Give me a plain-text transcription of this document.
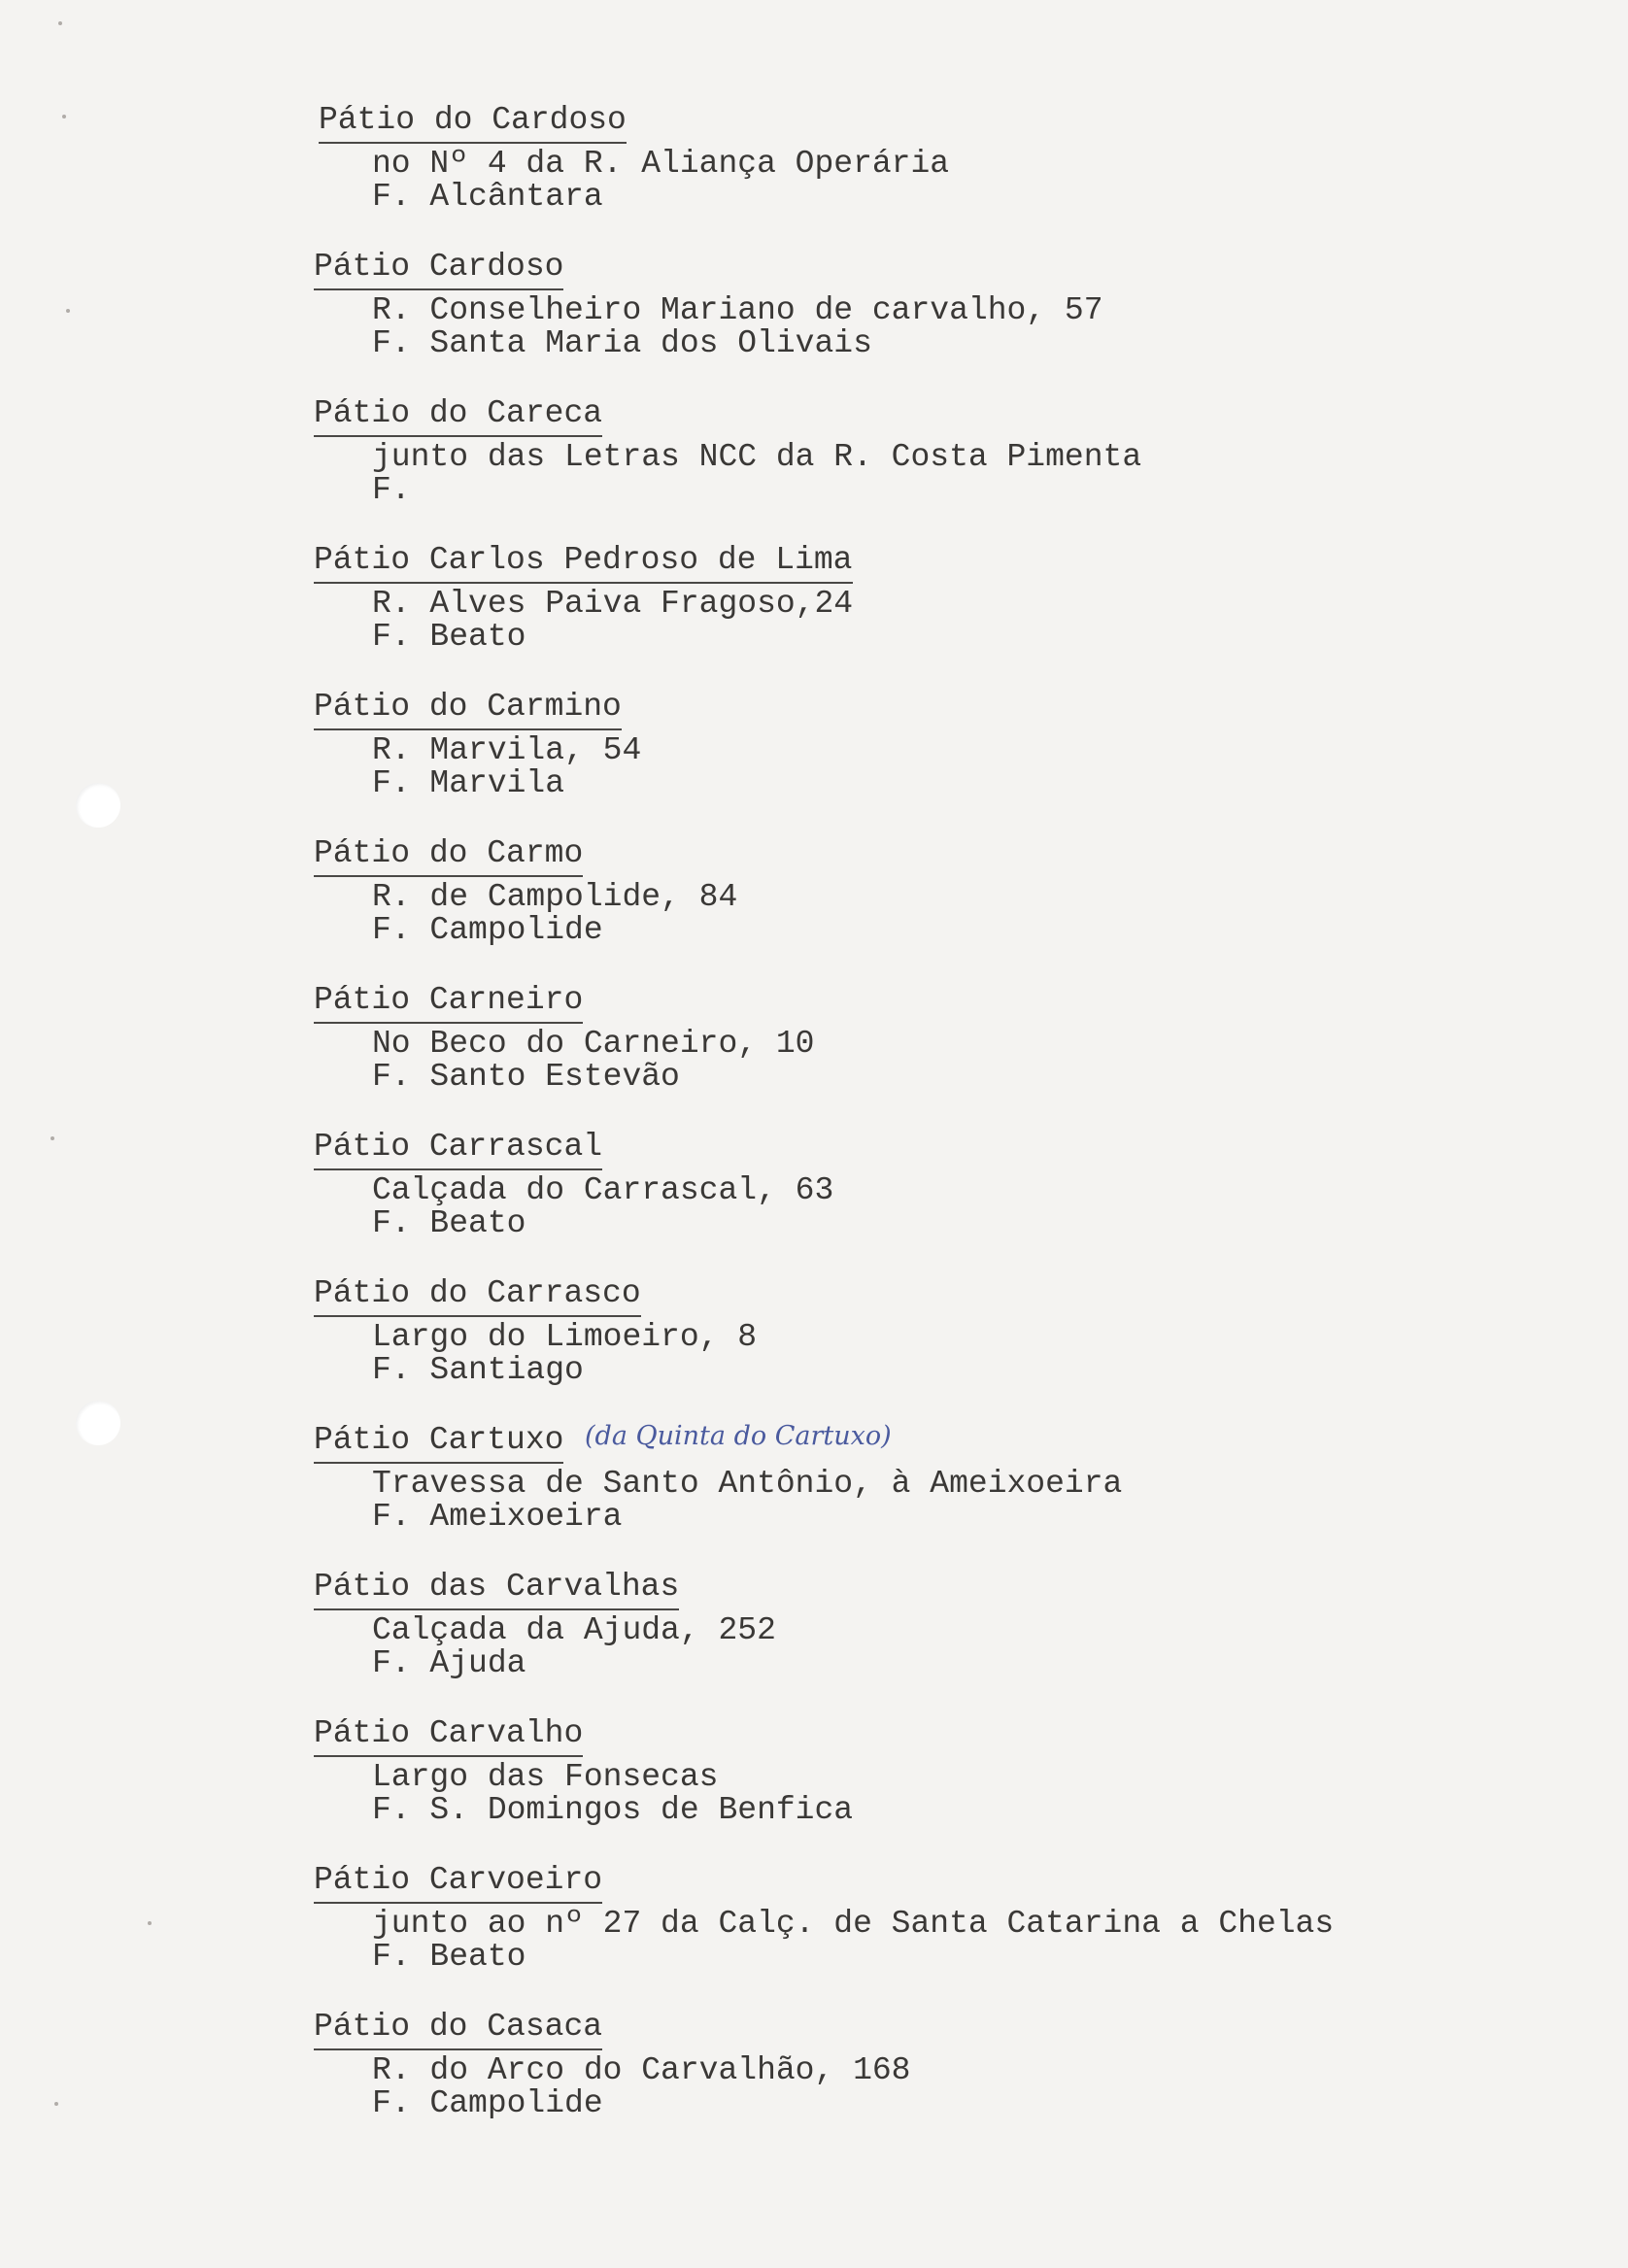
Pátio do Cardoso
no Nº 4 da R. Aliança Operária
F. Alcântara
Pátio Cardoso
R. Conselheiro Mariano de carvalho, 57
F. Santa Maria dos Olivais
Pátio do Careca
junto das Letras NCC da R. Costa Pimenta
F.
Pátio Carlos Pedroso de Lima
R. Alves Paiva Fragoso,24
F. Beato
Pátio do Carmino
R. Marvila, 54
F. Marvila
Pátio do Carmo
R. de Campolide, 84
F. Campolide
Pátio Carneiro
No Beco do Carneiro, 10
F. Santo Estevão
Pátio Carrascal
Calçada do Carrascal, 63
F. Beato
Pátio do Carrasco
Largo do Limoeiro, 8
F. Santiago
Pátio Cartuxo (da Quinta do Cartuxo)
Travessa de Santo Antônio, à Ameixoeira
F. Ameixoeira
Pátio das Carvalhas
Calçada da Ajuda, 252
F. Ajuda
Pátio Carvalho
Largo das Fonsecas
F. S. Domingos de Benfica
Pátio Carvoeiro
junto ao nº 27 da Calç. de Santa Catarina a Chelas
F. Beato
Pátio do Casaca
R. do Arco do Carvalhão, 168
F. Campolide
